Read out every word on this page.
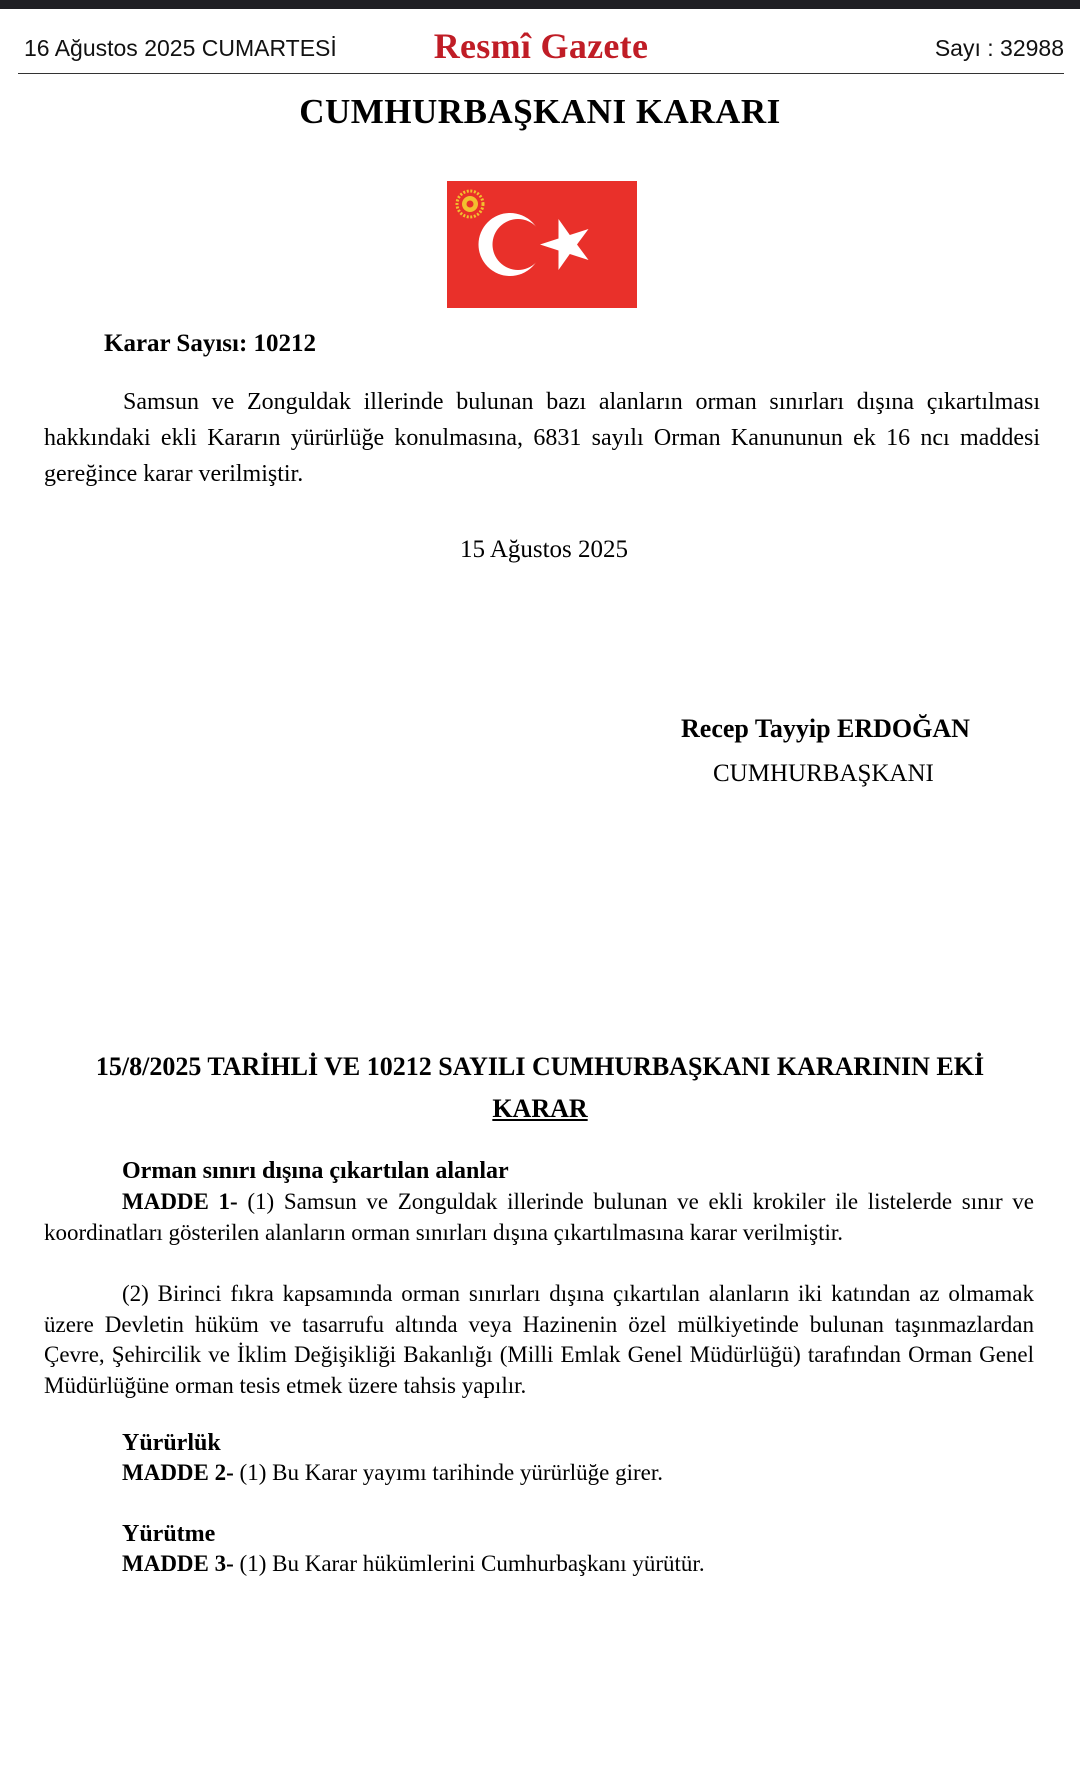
16 Ağustos 2025 CUMARTESİ	Resmî Gazete	Sayı : 32988
CUMHURBAŞKANI KARARI
Karar Sayısı: 10212

Samsun ve Zonguldak illerinde bulunan bazı alanların orman sınırları dışına çıkartılması hakkındaki ekli Kararın yürürlüğe konulmasına, 6831 sayılı Orman Kanununun ek 16 ncı maddesi gereğince karar verilmiştir.

15 Ağustos 2025
Recep Tayyip ERDOĞAN
CUMHURBAŞKANI
15/8/2025 TARİHLİ VE 10212 SAYILI CUMHURBAŞKANI KARARININ EKİ
KARAR
Orman sınırı dışına çıkartılan alanlar

MADDE 1- (1) Samsun ve Zonguldak illerinde bulunan ve ekli krokiler ile listelerde sınır ve koordinatları gösterilen alanların orman sınırları dışına çıkartılmasına karar verilmiştir.

(2) Birinci fıkra kapsamında orman sınırları dışına çıkartılan alanların iki katından az olmamak üzere Devletin hüküm ve tasarrufu altında veya Hazinenin özel mülkiyetinde bulunan taşınmazlardan Çevre, Şehircilik ve İklim Değişikliği Bakanlığı (Milli Emlak Genel Müdürlüğü) tarafından Orman Genel Müdürlüğüne orman tesis etmek üzere tahsis yapılır.

Yürürlük
MADDE 2- (1) Bu Karar yayımı tarihinde yürürlüğe girer.
Yürütme
MADDE 3- (1) Bu Karar hükümlerini Cumhurbaşkanı yürütür.
